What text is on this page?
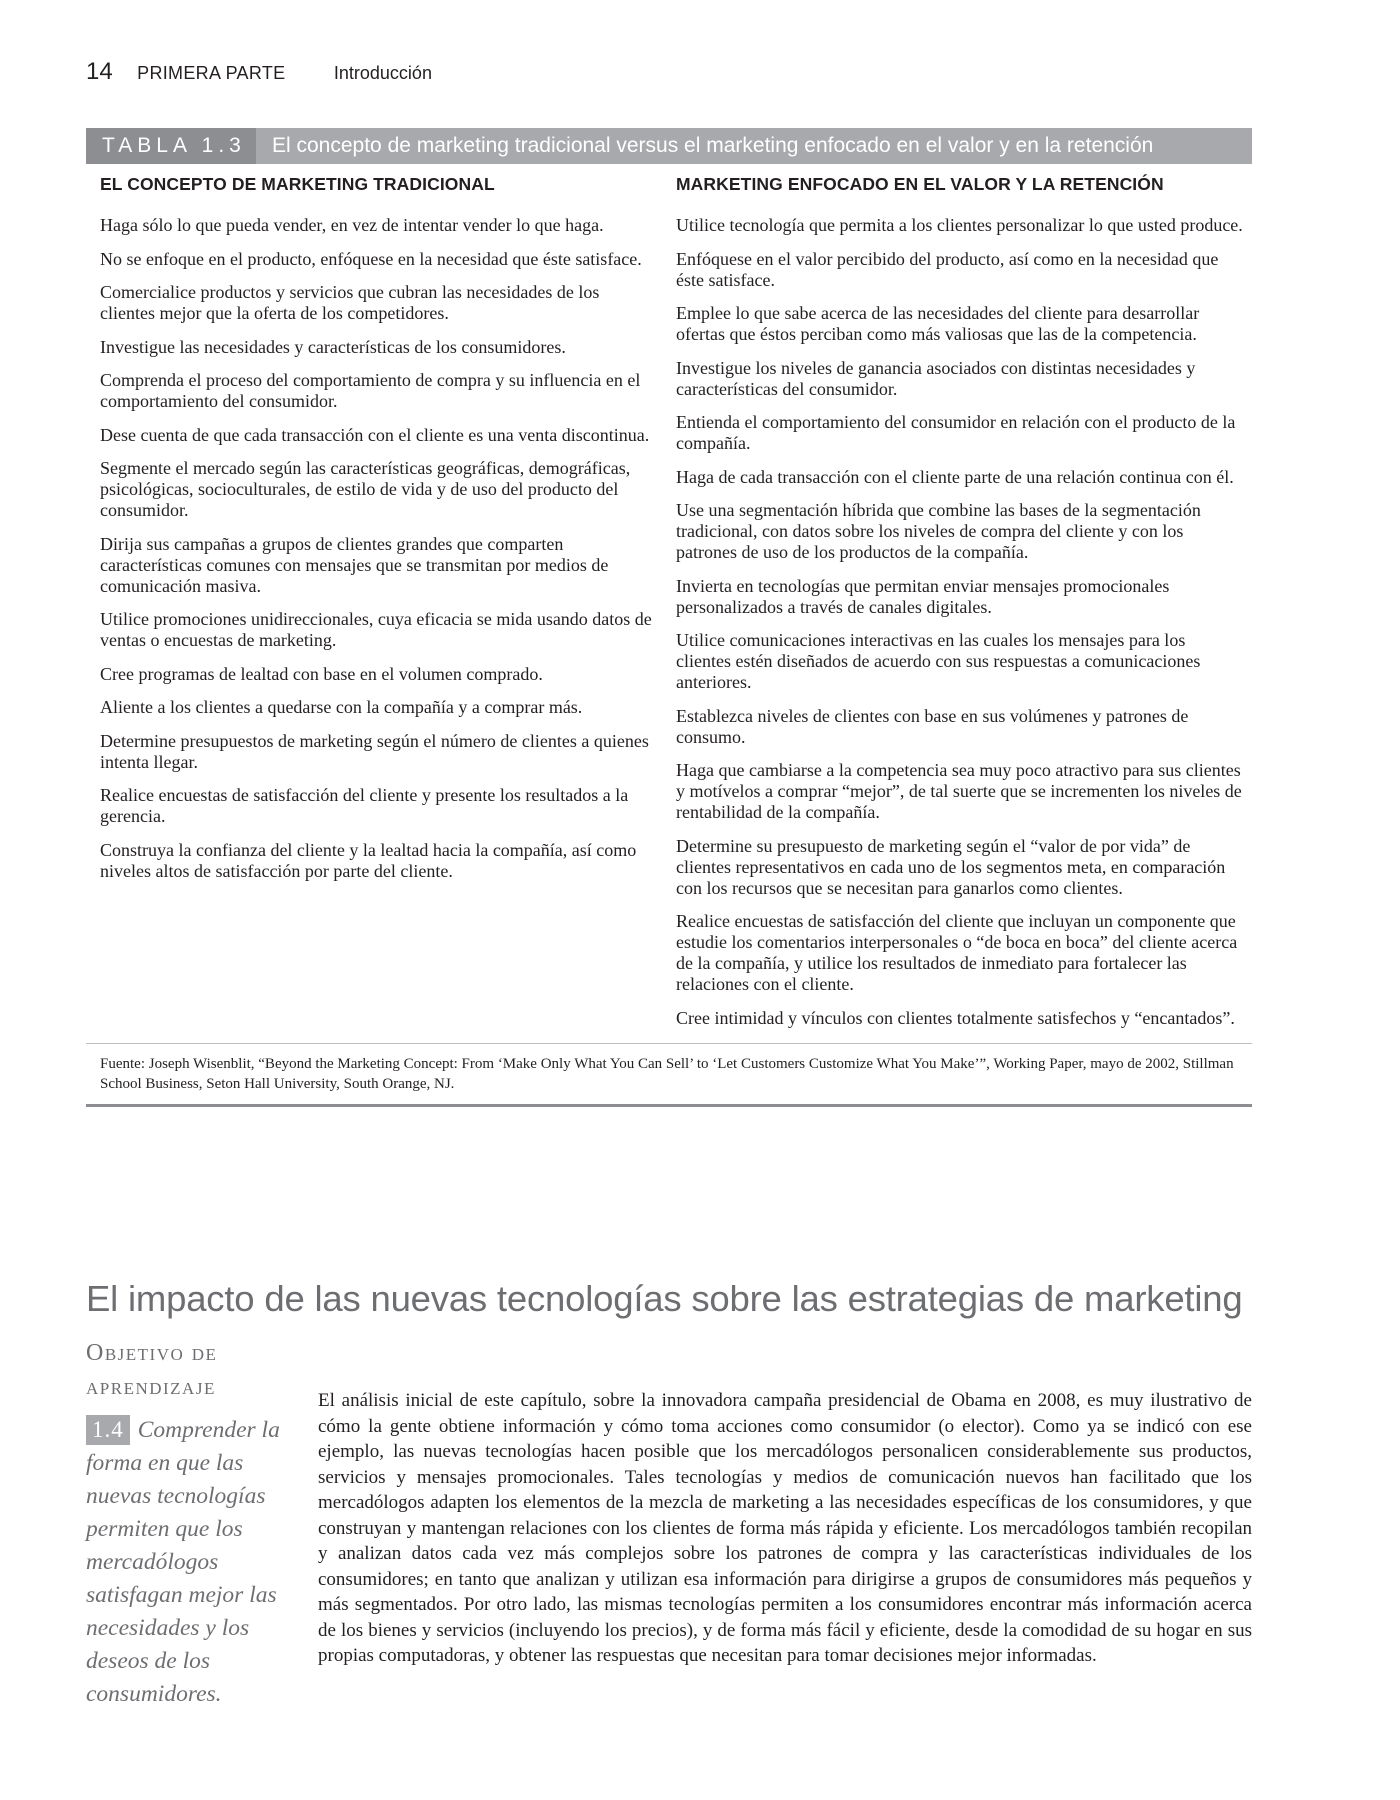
14 PRIMERA PARTE	Introducción
TABLA 1.3	El concepto de marketing tradicional versus el marketing enfocado en el valor y en la retención
EL CONCEPTO DE MARKETING TRADICIONAL
Haga sólo lo que pueda vender, en vez de intentar vender lo que haga.
No se enfoque en el producto, enfóquese en la necesidad que éste satisface.
Comercialice productos y servicios que cubran las necesidades de los clientes mejor que la oferta de los competidores.
Investigue las necesidades y características de los consumidores.
Comprenda el proceso del comportamiento de compra y su influencia en el comportamiento del consumidor.
Dese cuenta de que cada transacción con el cliente es una venta discontinua.
Segmente el mercado según las características geográficas, demográficas, psicológicas, socioculturales, de estilo de vida y de uso del producto del consumidor.
Dirija sus campañas a grupos de clientes grandes que comparten características comunes con mensajes que se transmitan por medios de comunicación masiva.
Utilice promociones unidireccionales, cuya eficacia se mida usando datos de ventas o encuestas de marketing.
Cree programas de lealtad con base en el volumen comprado.
Aliente a los clientes a quedarse con la compañía y a comprar más.
Determine presupuestos de marketing según el número de clientes a quienes intenta llegar.
Realice encuestas de satisfacción del cliente y presente los resultados a la gerencia.
Construya la confianza del cliente y la lealtad hacia la compañía, así como niveles altos de satisfacción por parte del cliente.
MARKETING ENFOCADO EN EL VALOR Y LA RETENCIÓN
Utilice tecnología que permita a los clientes personalizar lo que usted produce.
Enfóquese en el valor percibido del producto, así como en la necesidad que éste satisface.
Emplee lo que sabe acerca de las necesidades del cliente para desarrollar ofertas que éstos perciban como más valiosas que las de la competencia.
Investigue los niveles de ganancia asociados con distintas necesidades y características del consumidor.
Entienda el comportamiento del consumidor en relación con el producto de la compañía.
Haga de cada transacción con el cliente parte de una relación continua con él.
Use una segmentación híbrida que combine las bases de la segmentación tradicional, con datos sobre los niveles de compra del cliente y con los patrones de uso de los productos de la compañía.
Invierta en tecnologías que permitan enviar mensajes promocionales personalizados a través de canales digitales.
Utilice comunicaciones interactivas en las cuales los mensajes para los clientes estén diseñados de acuerdo con sus respuestas a comunicaciones anteriores.
Establezca niveles de clientes con base en sus volúmenes y patrones de consumo.
Haga que cambiarse a la competencia sea muy poco atractivo para sus clientes y motívelos a comprar “mejor”, de tal suerte que se incrementen los niveles de rentabilidad de la compañía.
Determine su presupuesto de marketing según el “valor de por vida” de clientes representativos en cada uno de los segmentos meta, en comparación con los recursos que se necesitan para ganarlos como clientes.
Realice encuestas de satisfacción del cliente que incluyan un componente que estudie los comentarios interpersonales o “de boca en boca” del cliente acerca de la compañía, y utilice los resultados de inmediato para fortalecer las relaciones con el cliente.
Cree intimidad y vínculos con clientes totalmente satisfechos y “encantados”.
Fuente: Joseph Wisenblit, “Beyond the Marketing Concept: From ‘Make Only What You Can Sell’ to ‘Let Customers Customize What You Make’”, Working Paper, mayo de 2002, Stillman School Business, Seton Hall University, South Orange, NJ.
El impacto de las nuevas tecnologías sobre las estrategias de marketing
Objetivo de aprendizaje
1.4 Comprender la forma en que las nuevas tecnologías permiten que los mercadólogos satisfagan mejor las necesidades y los deseos de los consumidores.
El análisis inicial de este capítulo, sobre la innovadora campaña presidencial de Obama en 2008, es muy ilustrativo de cómo la gente obtiene información y cómo toma acciones como consumidor (o elector). Como ya se indicó con ese ejemplo, las nuevas tecnologías hacen posible que los mercadólogos personalicen considerablemente sus productos, servicios y mensajes promocionales. Tales tecnologías y medios de comunicación nuevos han facilitado que los mercadólogos adapten los elementos de la mezcla de marketing a las necesidades específicas de los consumidores, y que construyan y mantengan relaciones con los clientes de forma más rápida y eficiente. Los mercadólogos también recopilan y analizan datos cada vez más complejos sobre los patrones de compra y las características individuales de los consumidores; en tanto que analizan y utilizan esa información para dirigirse a grupos de consumidores más pequeños y más segmentados. Por otro lado, las mismas tecnologías permiten a los consumidores encontrar más información acerca de los bienes y servicios (incluyendo los precios), y de forma más fácil y eficiente, desde la comodidad de su hogar en sus propias computadoras, y obtener las respuestas que necesitan para tomar decisiones mejor informadas.
